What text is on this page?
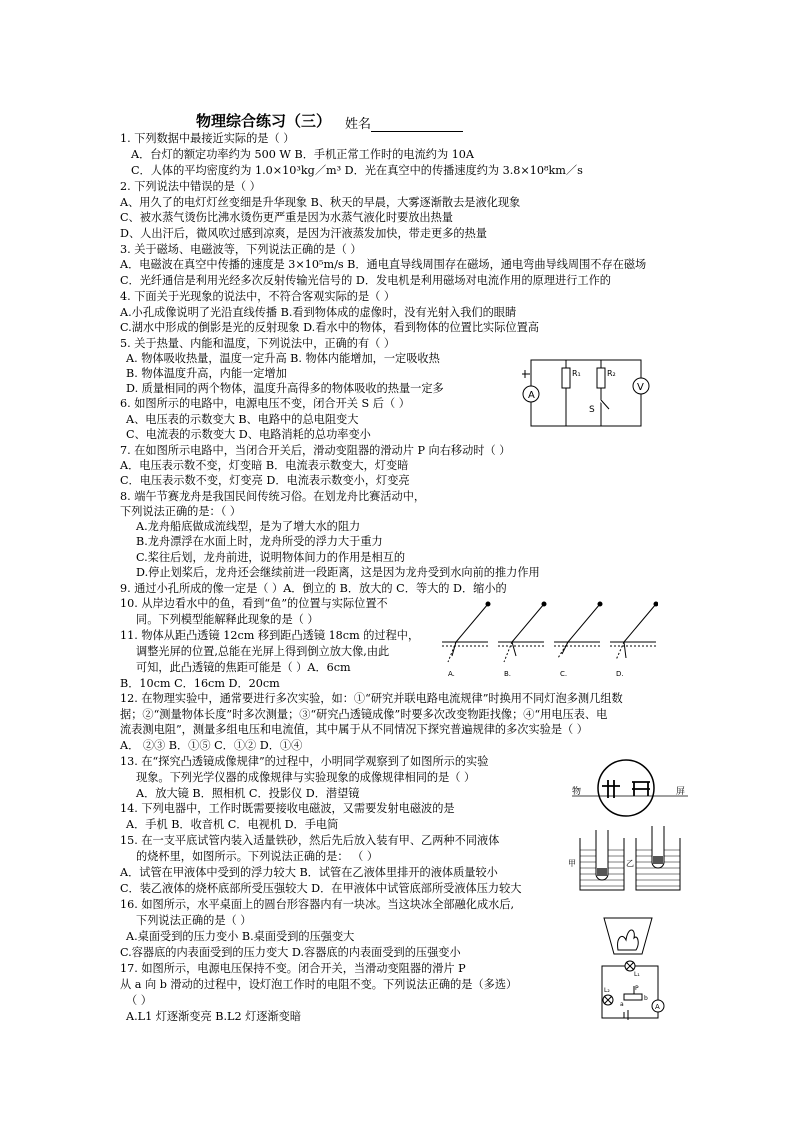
物理综合练习（三） 姓名
1. 下列数据中最接近实际的是（ ）
A．台灯的额定功率约为 500 W B．手机正常工作时的电流约为 10A
C．人体的平均密度约为 1.0×10³kg／m³ D．光在真空中的传播速度约为 3.8×10⁸km／s
2. 下列说法中错误的是（ ）
A、用久了的电灯灯丝变细是升华现象 B、秋天的早晨，大雾逐渐散去是液化现象
C、被水蒸气烫伤比沸水烫伤更严重是因为水蒸气液化时要放出热量
D、人出汗后，微风吹过感到凉爽，是因为汗液蒸发加快，带走更多的热量
3. 关于磁场、电磁波等，下列说法正确的是（ ）
A．电磁波在真空中传播的速度是 3×10⁵m/s B．通电直导线周围存在磁场，通电弯曲导线周围不存在磁场
C．光纤通信是利用光经多次反射传输光信号的 D．发电机是利用磁场对电流作用的原理进行工作的
4. 下面关于光现象的说法中，不符合客观实际的是（ ）
A.小孔成像说明了光沿直线传播 B.看到物体成的虚像时，没有光射入我们的眼睛
C.湖水中形成的倒影是光的反射现象 D.看水中的物体，看到物体的位置比实际位置高
5. 关于热量、内能和温度，下列说法中，正确的有（ ）
A. 物体吸收热量，温度一定升高 B. 物体内能增加，一定吸收热
B. 物体温度升高，内能一定增加
D. 质量相同的两个物体，温度升高得多的物体吸收的热量一定多
6. 如图所示的电路中，电源电压不变，闭合开关 S 后（ ）
A、电压表的示数变大 B、电路中的总电阻变大
C、电流表的示数变大 D、电路消耗的总功率变小
7. 在如图所示电路中，当闭合开关后，滑动变阻器的滑动片 P 向右移动时（ ）
A．电压表示数不变，灯变暗 B．电流表示数变大，灯变暗
C．电压表示数不变，灯变亮 D．电流表示数变小，灯变亮
8. 端午节赛龙舟是我国民间传统习俗。在划龙舟比赛活动中，
下列说法正确的是：（ ）
A.龙舟船底做成流线型，是为了增大水的阻力
B.龙舟漂浮在水面上时，龙舟所受的浮力大于重力
C.桨往后划，龙舟前进，说明物体间力的作用是相互的
D.停止划桨后，龙舟还会继续前进一段距离，这是因为龙舟受到水向前的推力作用
9. 通过小孔所成的像一定是（ ）A．倒立的 B．放大的 C．等大的 D．缩小的
10. 从岸边看水中的鱼，看到“鱼”的位置与实际位置不
同。下列模型能解释此现象的是（ ）
11. 物体从距凸透镜 12cm 移到距凸透镜 18cm 的过程中，
调整光屏的位置,总能在光屏上得到倒立放大像,由此
可知，此凸透镜的焦距可能是（ ）A．6cm
B．10cm C．16cm D．20cm
12. 在物理实验中，通常要进行多次实验，如：①“研究并联电路电流规律”时换用不同灯泡多测几组数
据；②“测量物体长度”时多次测量；③“研究凸透镜成像”时要多次改变物距找像；④“用电压表、电
流表测电阻”，测量多组电压和电流值，其中属于从不同情况下探究普遍规律的多次实验是（ ）
A． ②③ B．①⑤ C．①② D．①④
13. 在“探究凸透镜成像规律”的过程中，小明同学观察到了如图所示的实验
现象。下列光学仪器的成像规律与实验现象的成像规律相同的是（ ）
A．放大镜 B．照相机 C．投影仪 D．潜望镜
14. 下列电器中，工作时既需要接收电磁波，又需要发射电磁波的是
A．手机 B．收音机 C．电视机 D．手电筒
15. 在一支平底试管内装入适量铁砂，然后先后放入装有甲、乙两种不同液体
的烧杯里，如图所示。下列说法正确的是： （ ）
A．试管在甲液体中受到的浮力较大 B．试管在乙液体里排开的液体质量较小
C．装乙液体的烧杯底部所受压强较大 D．在甲液体中试管底部所受液体压力较大
16. 如图所示，水平桌面上的圆台形容器内有一块冰。当这块冰全部融化成水后,
下列说法正确的是（ ）
A.桌面受到的压力变小 B.桌面受到的压强变大
C.容器底的内表面受到的压力变大 D.容器底的内表面受到的压强变小
17. 如图所示，电源电压保持不变。闭合开关，当滑动变阻器的滑片 P
从 a 向 b 滑动的过程中，设灯泡工作时的电阻不变。下列说法正确的是（多选）
（ ）
A.L1 灯逐渐变亮 B.L2 灯逐渐变暗
A
V
R₁	R₂
S
A.	B.	C.	D.
物	屏
甲	乙
L₁
L₂	P
a
b
A
